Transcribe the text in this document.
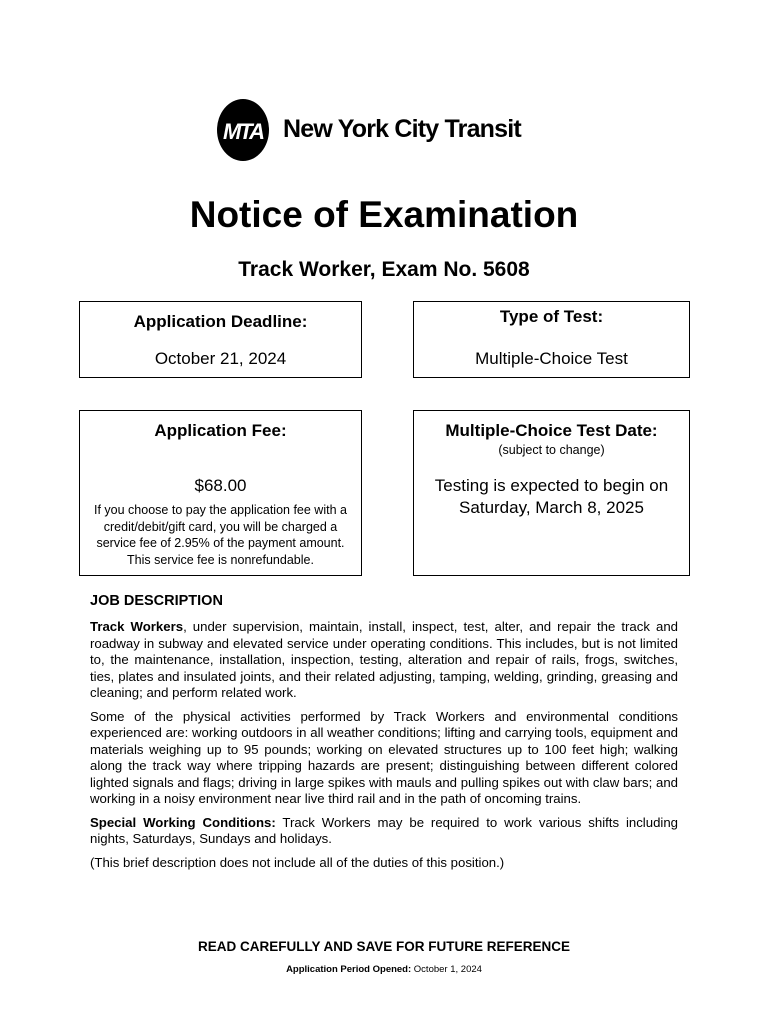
MTA New York City Transit
Notice of Examination
Track Worker, Exam No. 5608
Application Deadline:
October 21, 2024
Type of Test:
Multiple-Choice Test
Application Fee:
$68.00
If you choose to pay the application fee with a
credit/debit/gift card, you will be charged a
service fee of 2.95% of the payment amount.
This service fee is nonrefundable.
Multiple-Choice Test Date:
(subject to change)
Testing is expected to begin on
Saturday, March 8, 2025
JOB DESCRIPTION

Track Workers, under supervision, maintain, install, inspect, test, alter, and repair the track and roadway in subway and elevated service under operating conditions. This includes, but is not limited to, the maintenance, installation, inspection, testing, alteration and repair of rails, frogs, switches, ties, plates and insulated joints, and their related adjusting, tamping, welding, grinding, greasing and cleaning; and perform related work.

Some of the physical activities performed by Track Workers and environmental conditions experienced are: working outdoors in all weather conditions; lifting and carrying tools, equipment and materials weighing up to 95 pounds; working on elevated structures up to 100 feet high; walking along the track way where tripping hazards are present; distinguishing between different colored lighted signals and flags; driving in large spikes with mauls and pulling spikes out with claw bars; and working in a noisy environment near live third rail and in the path of oncoming trains.

Special Working Conditions: Track Workers may be required to work various shifts including nights, Saturdays, Sundays and holidays.

(This brief description does not include all of the duties of this position.)

READ CAREFULLY AND SAVE FOR FUTURE REFERENCE
Application Period Opened: October 1, 2024
